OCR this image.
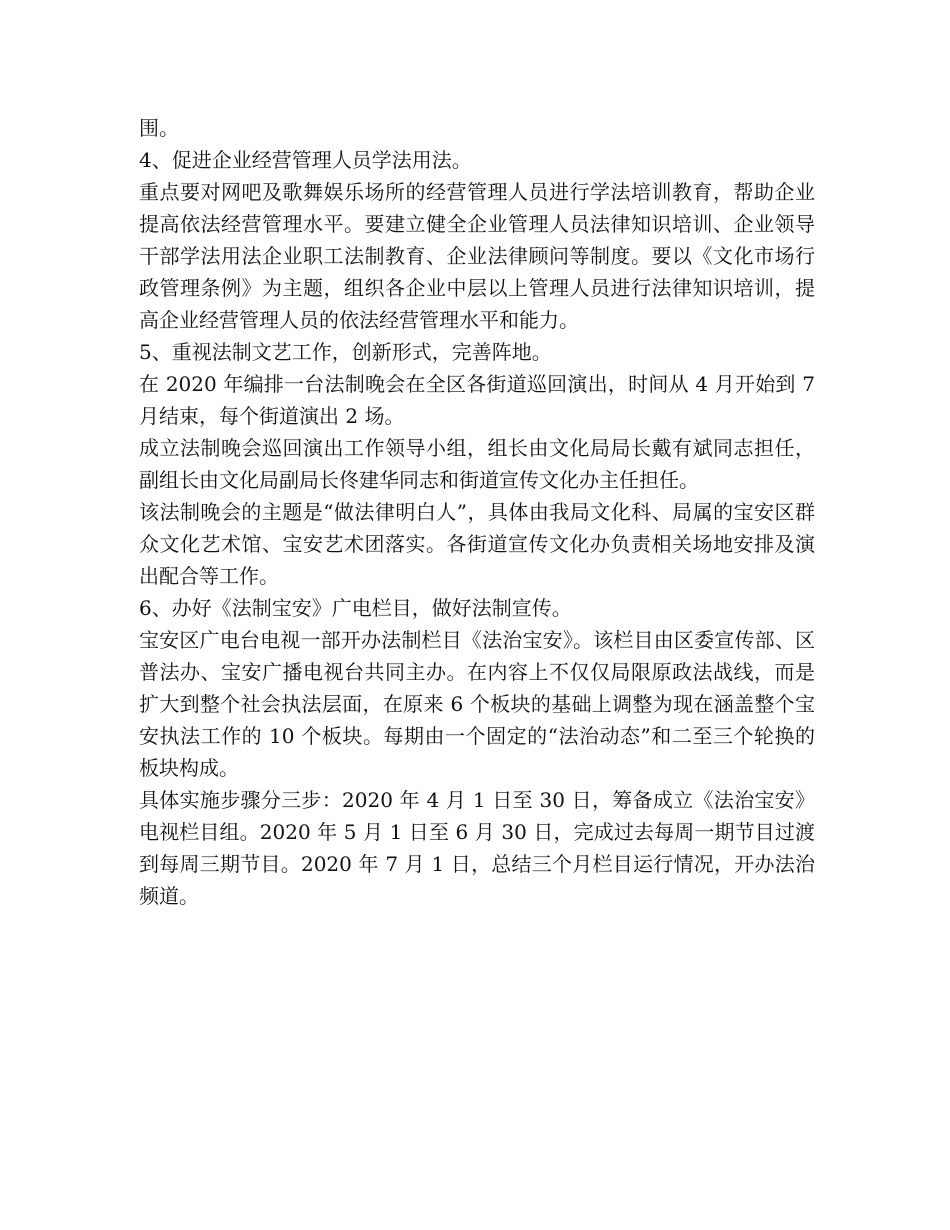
围。

4、促进企业经营管理人员学法用法。

重点要对网吧及歌舞娱乐场所的经营管理人员进行学法培训教育，帮助企业提高依法经营管理水平。要建立健全企业管理人员法律知识培训、企业领导干部学法用法企业职工法制教育、企业法律顾问等制度。要以《文化市场行政管理条例》为主题，组织各企业中层以上管理人员进行法律知识培训，提高企业经营管理人员的依法经营管理水平和能力。

5、重视法制文艺工作，创新形式，完善阵地。

在 2020 年编排一台法制晚会在全区各街道巡回演出，时间从 4 月开始到 7 月结束，每个街道演出 2 场。

成立法制晚会巡回演出工作领导小组，组长由文化局局长戴有斌同志担任，副组长由文化局副局长佟建华同志和街道宣传文化办主任担任。

该法制晚会的主题是“做法律明白人”，具体由我局文化科、局属的宝安区群众文化艺术馆、宝安艺术团落实。各街道宣传文化办负责相关场地安排及演出配合等工作。

6、办好《法制宝安》广电栏目，做好法制宣传。

宝安区广电台电视一部开办法制栏目《法治宝安》。该栏目由区委宣传部、区普法办、宝安广播电视台共同主办。在内容上不仅仅局限原政法战线，而是扩大到整个社会执法层面，在原来 6 个板块的基础上调整为现在涵盖整个宝安执法工作的 10 个板块。每期由一个固定的“法治动态”和二至三个轮换的板块构成。

具体实施步骤分三步：2020 年 4 月 1 日至 30 日，筹备成立《法治宝安》电视栏目组。2020 年 5 月 1 日至 6 月 30 日，完成过去每周一期节目过渡到每周三期节目。2020 年 7 月 1 日，总结三个月栏目运行情况，开办法治频道。
